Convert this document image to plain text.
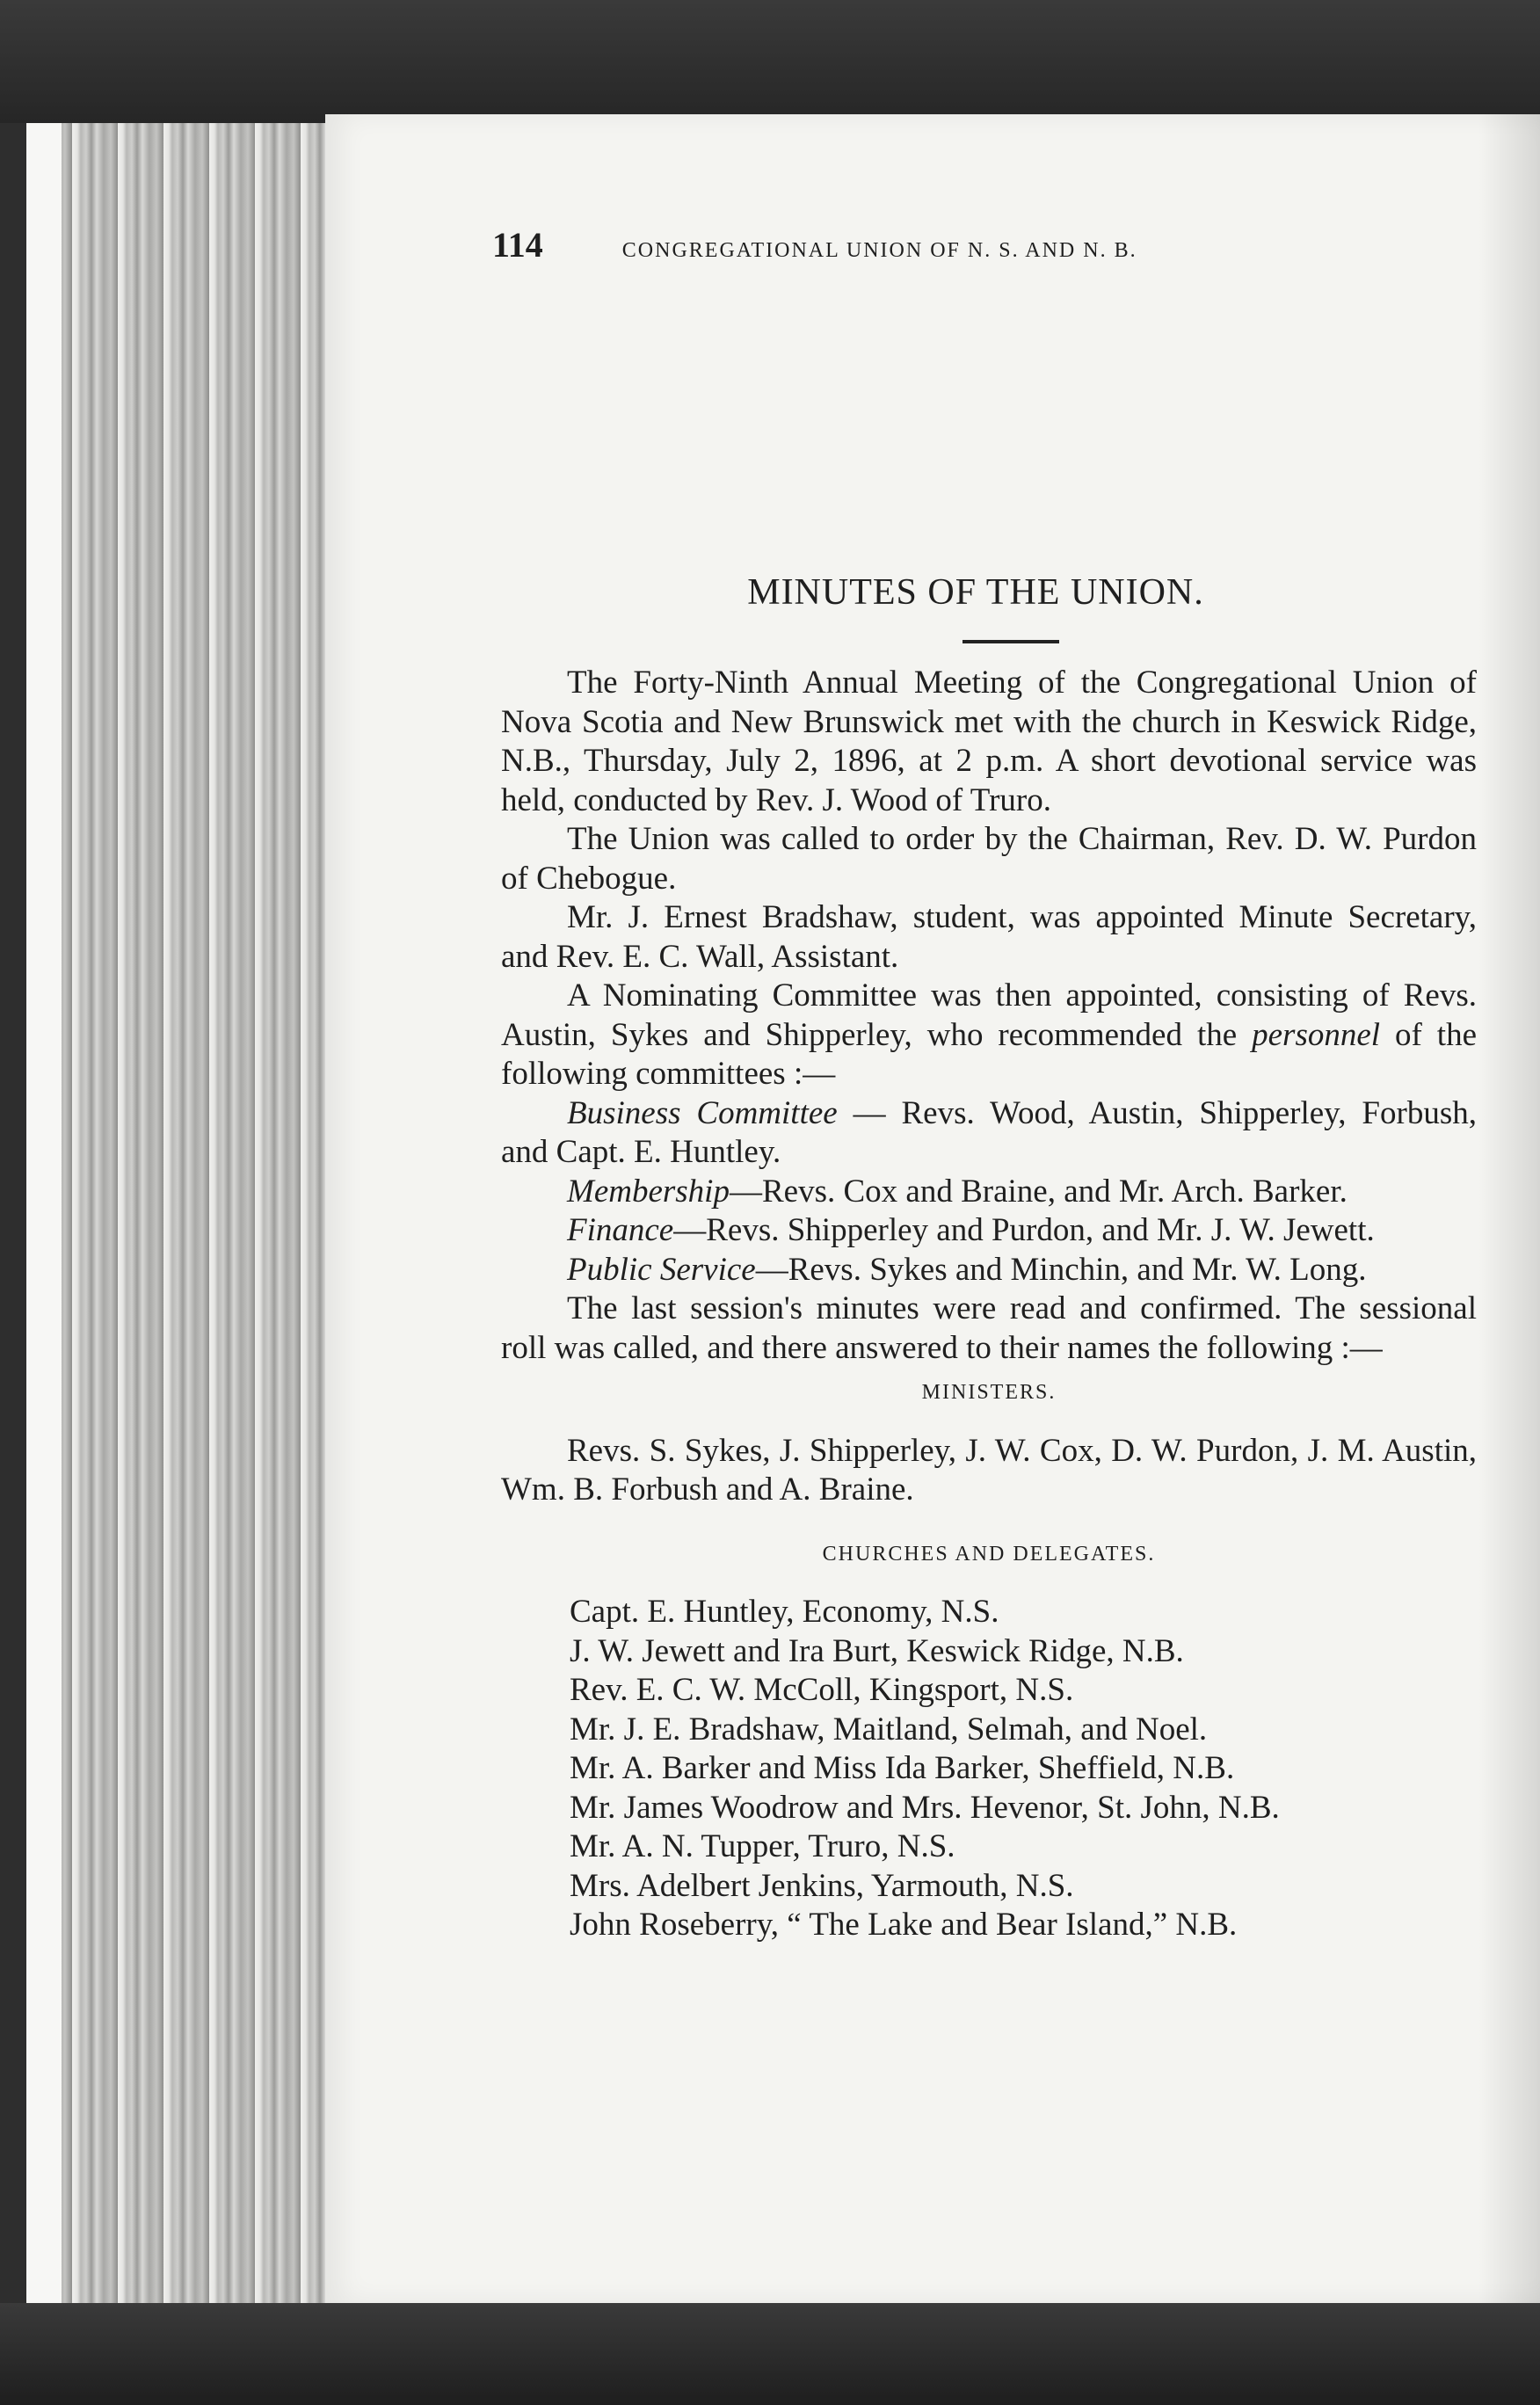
114	CONGREGATIONAL UNION OF N. S. AND N. B.
MINUTES OF THE UNION.

The Forty-Ninth Annual Meeting of the Congregational Union of Nova Scotia and New Brunswick met with the church in Keswick Ridge, N.B., Thursday, July 2, 1896, at 2 p.m. A short devotional service was held, conducted by Rev. J. Wood of Truro.

The Union was called to order by the Chairman, Rev. D. W. Purdon of Chebogue.

Mr. J. Ernest Bradshaw, student, was appointed Minute Secretary, and Rev. E. C. Wall, Assistant.

A Nominating Committee was then appointed, consisting of Revs. Austin, Sykes and Shipperley, who recommended the personnel of the following committees :—

Business Committee — Revs. Wood, Austin, Shipperley, Forbush, and Capt. E. Huntley.

Membership—Revs. Cox and Braine, and Mr. Arch. Barker.

Finance—Revs. Shipperley and Purdon, and Mr. J. W. Jewett.

Public Service—Revs. Sykes and Minchin, and Mr. W. Long.

The last session's minutes were read and confirmed. The sessional roll was called, and there answered to their names the following :—

MINISTERS.

Revs. S. Sykes, J. Shipperley, J. W. Cox, D. W. Purdon, J. M. Austin, Wm. B. Forbush and A. Braine.

CHURCHES AND DELEGATES.
Capt. E. Huntley, Economy, N.S.
J. W. Jewett and Ira Burt, Keswick Ridge, N.B.
Rev. E. C. W. McColl, Kingsport, N.S.
Mr. J. E. Bradshaw, Maitland, Selmah, and Noel.
Mr. A. Barker and Miss Ida Barker, Sheffield, N.B.
Mr. James Woodrow and Mrs. Hevenor, St. John, N.B.
Mr. A. N. Tupper, Truro, N.S.
Mrs. Adelbert Jenkins, Yarmouth, N.S.
John Roseberry, “ The Lake and Bear Island,” N.B.
